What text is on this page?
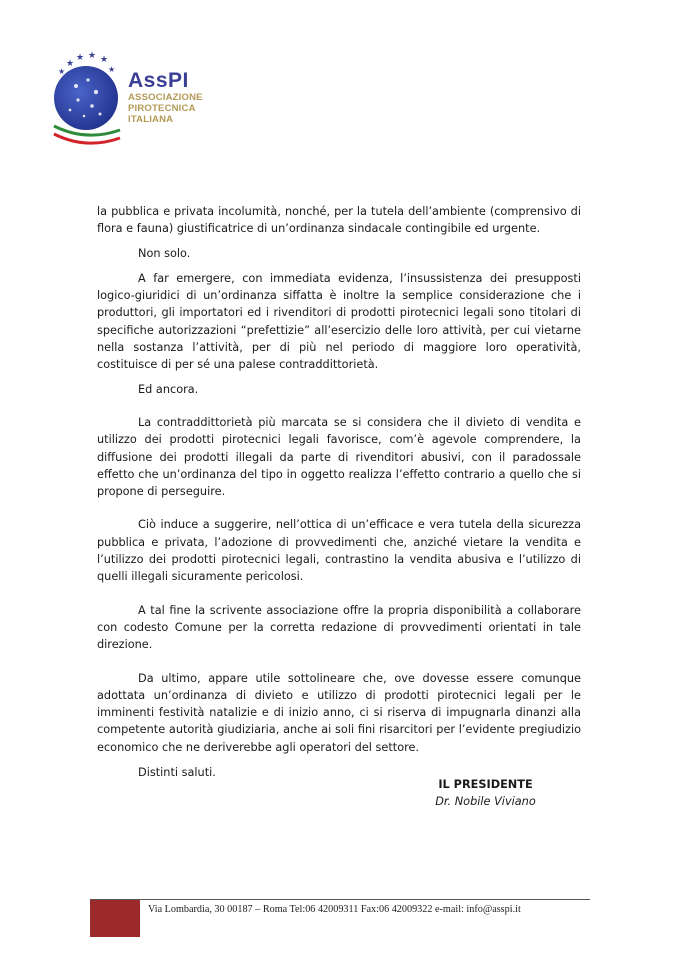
★
★ ★ ★
★	★ AssPI
ASSOCIAZIONE
PIROTECNICA
ITALIANA

la pubblica e privata incolumità, nonché, per la tutela dell’ambiente (comprensivo di flora e fauna) giustificatrice di un’ordinanza sindacale contingibile ed urgente.

Non solo.

A far emergere, con immediata evidenza, l’insussistenza dei presupposti logico-giuridici di un’ordinanza siffatta è inoltre la semplice considerazione che i produttori, gli importatori ed i rivenditori di prodotti pirotecnici legali sono titolari di specifiche autorizzazioni “prefettizie” all’esercizio delle loro attività, per cui vietarne nella sostanza l’attività, per di più nel periodo di maggiore loro operatività, costituisce di per sé una palese contraddittorietà.

Ed ancora.

La contraddittorietà più marcata se si considera che il divieto di vendita e utilizzo dei prodotti pirotecnici legali favorisce, com’è agevole comprendere, la diffusione dei prodotti illegali da parte di rivenditori abusivi, con il paradossale effetto che un’ordinanza del tipo in oggetto realizza l’effetto contrario a quello che si propone di perseguire.

Ciò induce a suggerire, nell’ottica di un’efficace e vera tutela della sicurezza pubblica e privata, l’adozione di provvedimenti che, anziché vietare la vendita e l’utilizzo dei prodotti pirotecnici legali, contrastino la vendita abusiva e l’utilizzo di quelli illegali sicuramente pericolosi.

A tal fine la scrivente associazione offre la propria disponibilità a collaborare con codesto Comune per la corretta redazione di provvedimenti orientati in tale direzione.

Da ultimo, appare utile sottolineare che, ove dovesse essere comunque adottata un’ordinanza di divieto e utilizzo di prodotti pirotecnici legali per le imminenti festività natalizie e di inizio anno, ci si riserva di impugnarla dinanzi alla competente autorità giudiziaria, anche ai soli fini risarcitori per l’evidente pregiudizio economico che ne deriverebbe agli operatori del settore.

Distinti saluti.

IL PRESIDENTE
Dr. Nobile Viviano
Via Lombardia, 30 00187 – Roma Tel:06 42009311 Fax:06 42009322 e-mail: info@asspi.it
